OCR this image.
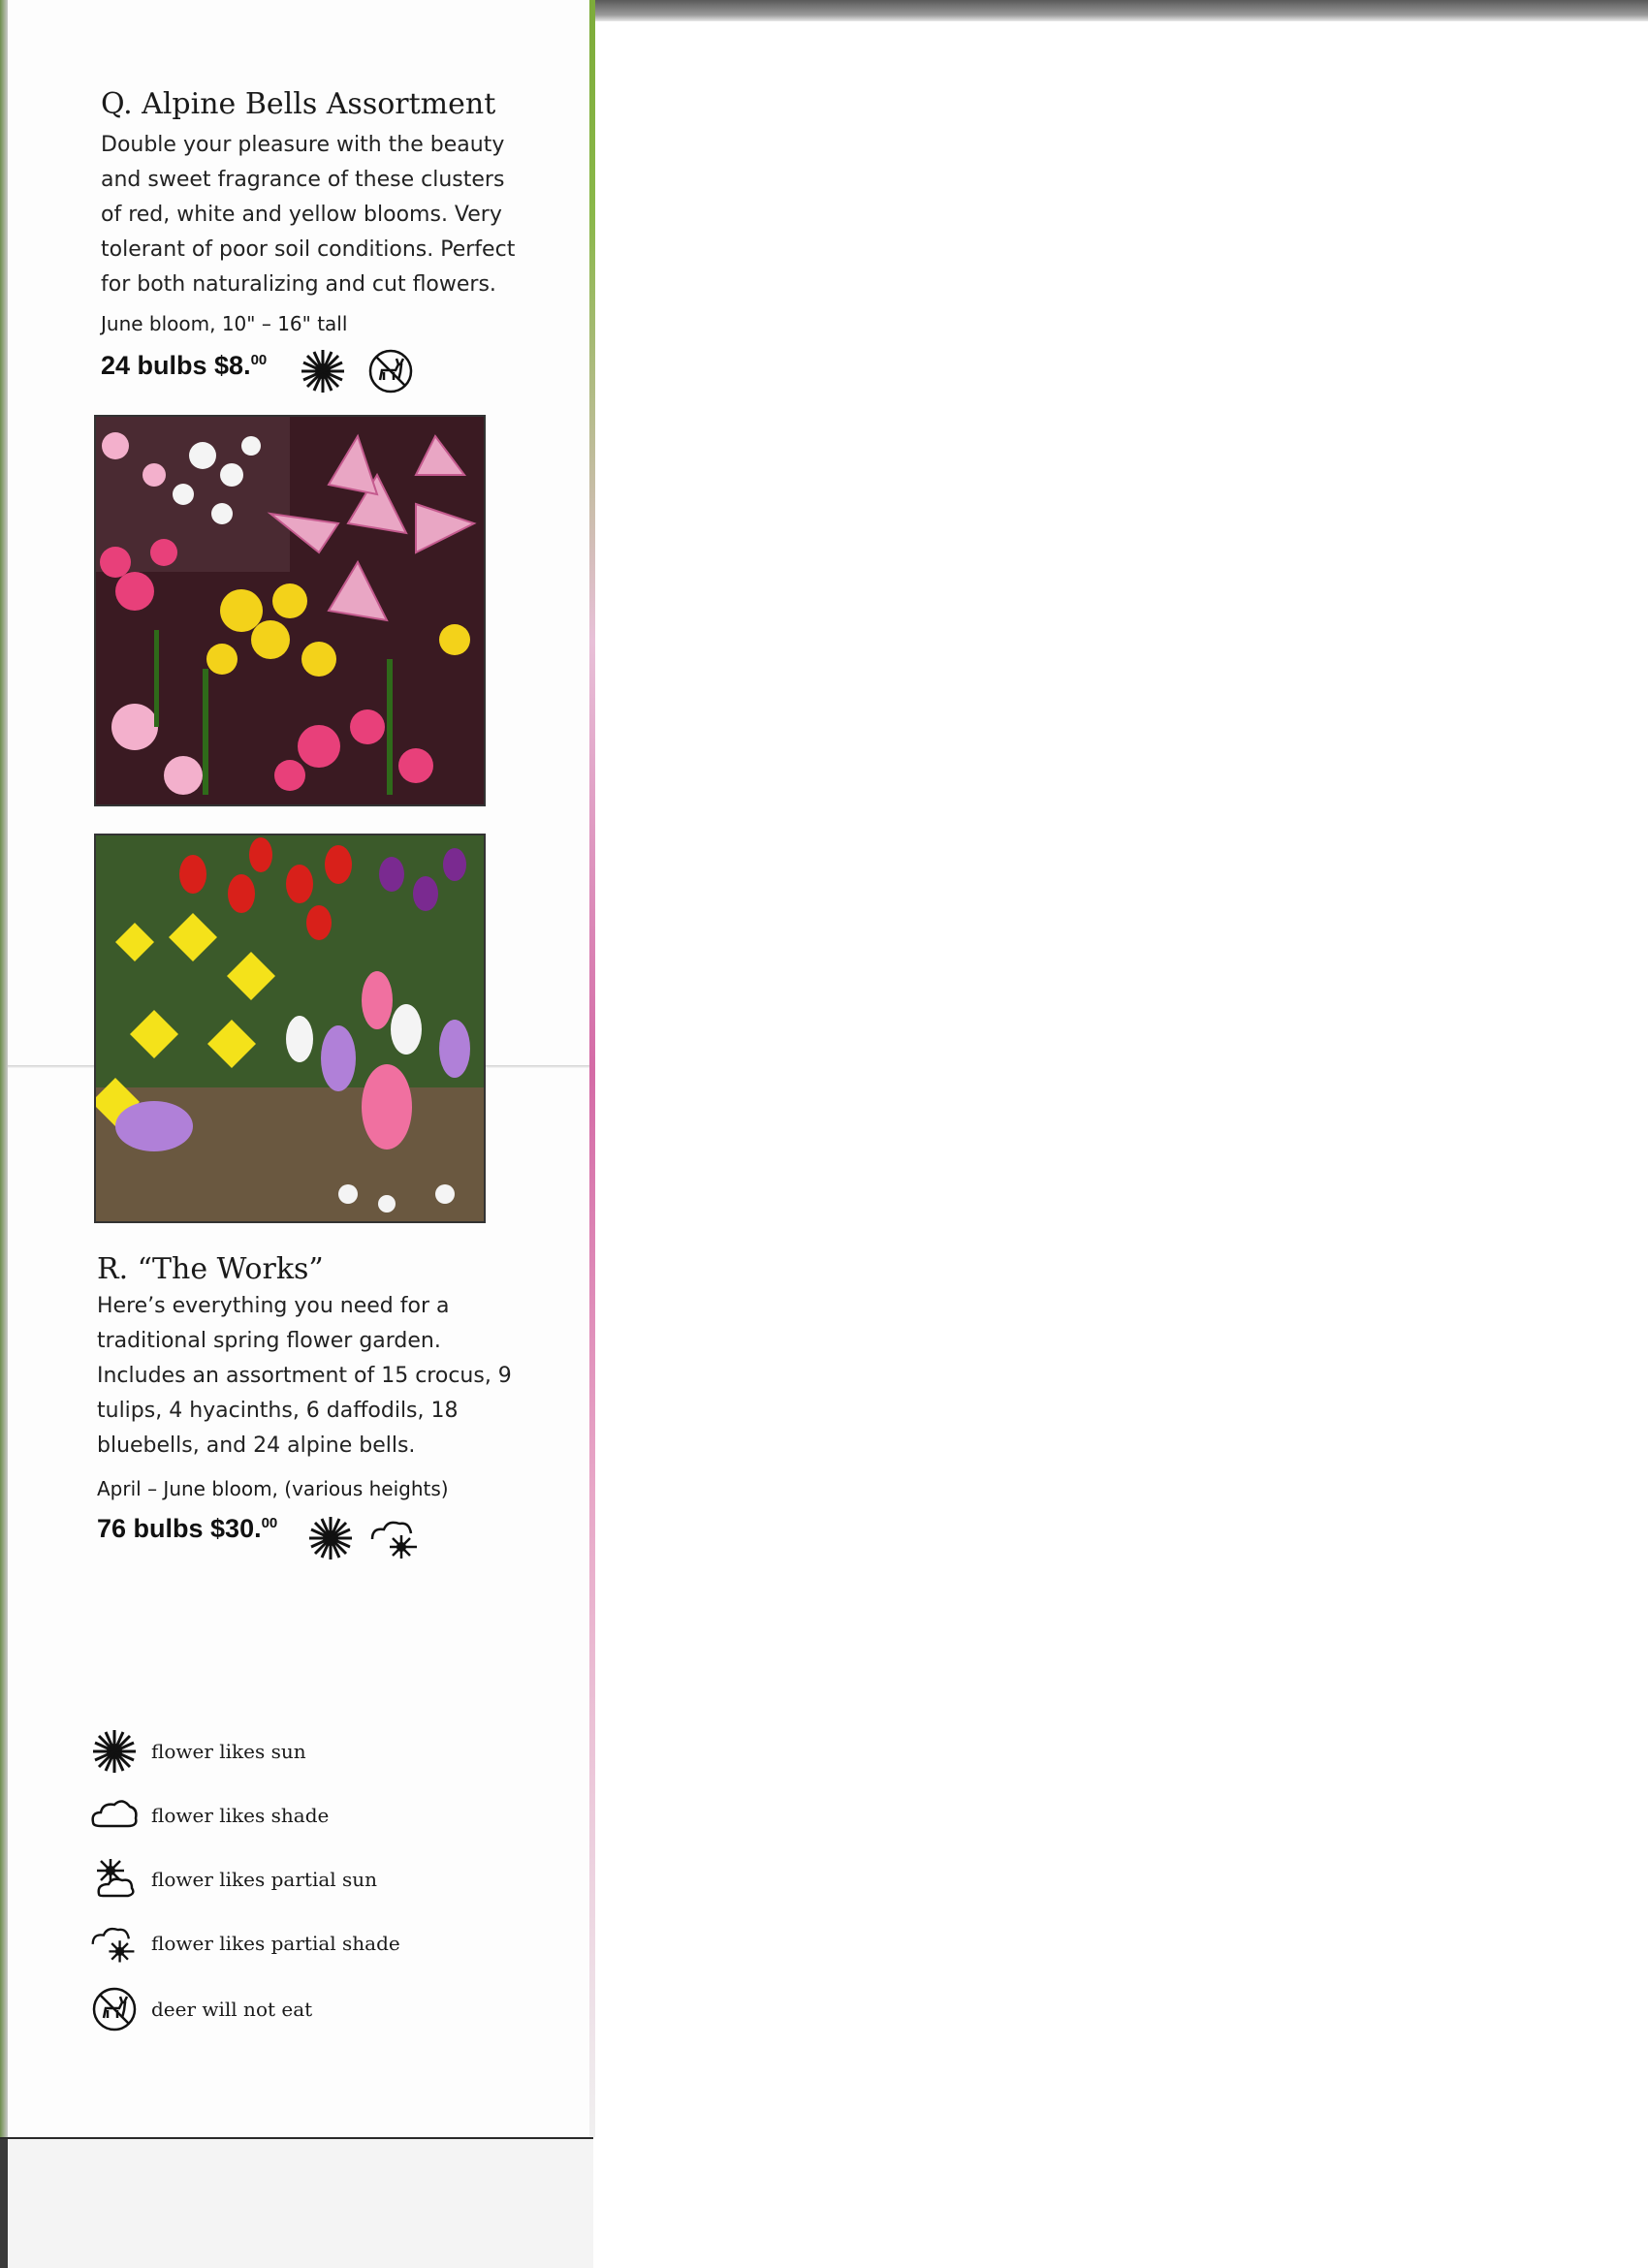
Q. Alpine Bells Assortment
Double your pleasure with the beauty and sweet fragrance of these clusters of red, white and yellow blooms. Very tolerant of poor soil conditions. Perfect for both naturalizing and cut flowers.
June bloom, 10" – 16" tall
24 bulbs $8.00
R. “The Works”
Here’s everything you need for a traditional spring flower garden. Includes an assortment of 15 crocus, 9 tulips, 4 hyacinths, 6 daffodils, 18 bluebells, and 24 alpine bells.
April – June bloom, (various heights)
76 bulbs $30.00
flower likes sun
flower likes shade
flower likes partial sun
flower likes partial shade
deer will not eat
